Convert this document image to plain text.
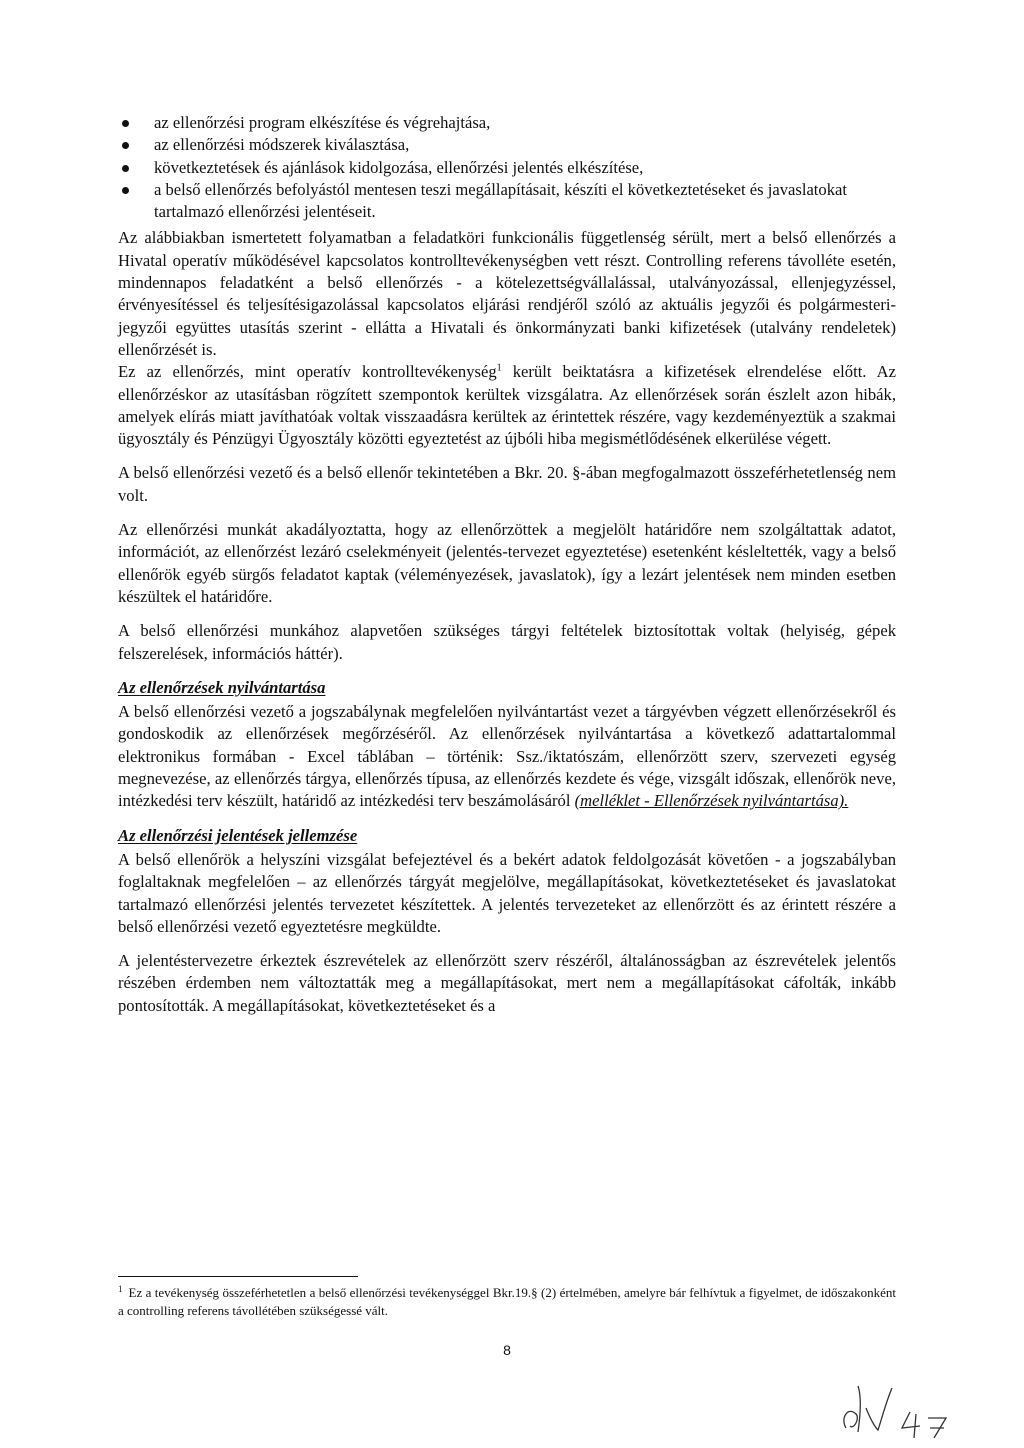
az ellenőrzési program elkészítése és végrehajtása,
az ellenőrzési módszerek kiválasztása,
következtetések és ajánlások kidolgozása, ellenőrzési jelentés elkészítése,
a belső ellenőrzés befolyástól mentesen teszi megállapításait, készíti el következtetéseket és javaslatokat tartalmazó ellenőrzési jelentéseit.

Az alábbiakban ismertetett folyamatban a feladatköri funkcionális függetlenség sérült, mert a belső ellenőrzés a Hivatal operatív működésével kapcsolatos kontrolltevékenységben vett részt. Controlling referens távolléte esetén, mindennapos feladatként a belső ellenőrzés - a kötelezettségvállalással, utalványozással, ellenjegyzéssel, érvényesítéssel és teljesítésigazolással kapcsolatos eljárási rendjéről szóló az aktuális jegyzői és polgármesteri-jegyzői együttes utasítás szerint - ellátta a Hivatali és önkormányzati banki kifizetések (utalvány rendeletek) ellenőrzését is.

Ez az ellenőrzés, mint operatív kontrolltevékenység$^1$ került beiktatásra a kifizetések elrendelése előtt. Az ellenőrzéskor az utasításban rögzített szempontok kerültek vizsgálatra. Az ellenőrzések során észlelt azon hibák, amelyek elírás miatt javíthatóak voltak visszaadásra kerültek az érintettek részére, vagy kezdeményeztük a szakmai ügyosztály és Pénzügyi Ügyosztály közötti egyeztetést az újbóli hiba megismétlődésének elkerülése végett.

A belső ellenőrzési vezető és a belső ellenőr tekintetében a Bkr. 20. §-ában megfogalmazott összeférhetetlenség nem volt.

Az ellenőrzési munkát akadályoztatta, hogy az ellenőrzöttek a megjelölt határidőre nem szolgáltattak adatot, információt, az ellenőrzést lezáró cselekményeit (jelentés-tervezet egyeztetése) esetenként késleltették, vagy a belső ellenőrök egyéb sürgős feladatot kaptak (véleményezések, javaslatok), így a lezárt jelentések nem minden esetben készültek el határidőre.

A belső ellenőrzési munkához alapvetően szükséges tárgyi feltételek biztosítottak voltak (helyiség, gépek felszerelések, információs háttér).

Az ellenőrzések nyilvántartása

A belső ellenőrzési vezető a jogszabálynak megfelelően nyilvántartást vezet a tárgyévben végzett ellenőrzésekről és gondoskodik az ellenőrzések megőrzéséről. Az ellenőrzések nyilvántartása a következő adattartalommal elektronikus formában - Excel táblában – történik: Ssz./iktatószám, ellenőrzött szerv, szervezeti egység megnevezése, az ellenőrzés tárgya, ellenőrzés típusa, az ellenőrzés kezdete és vége, vizsgált időszak, ellenőrök neve, intézkedési terv készült, határidő az intézkedési terv beszámolásáról (melléklet - Ellenőrzések nyilvántartása).

Az ellenőrzési jelentések jellemzése

A belső ellenőrök a helyszíni vizsgálat befejeztével és a bekért adatok feldolgozását követően - a jogszabályban foglaltaknak megfelelően – az ellenőrzés tárgyát megjelölve, megállapításokat, következtetéseket és javaslatokat tartalmazó ellenőrzési jelentés tervezetet készítettek. A jelentés tervezeteket az ellenőrzött és az érintett részére a belső ellenőrzési vezető egyeztetésre megküldte.

A jelentéstervezetre érkeztek észrevételek az ellenőrzött szerv részéről, általánosságban az észrevételek jelentős részében érdemben nem változtatták meg a megállapításokat, mert nem a megállapításokat cáfolták, inkább pontosították. A megállapításokat, következtetéseket és a

$^1$ Ez a tevékenység összeférhetetlen a belső ellenőrzési tevékenységgel Bkr.19.§ (2) értelmében, amelyre bár felhívtuk a figyelmet, de időszakonként a controlling referens távollétében szükségessé vált.
8
